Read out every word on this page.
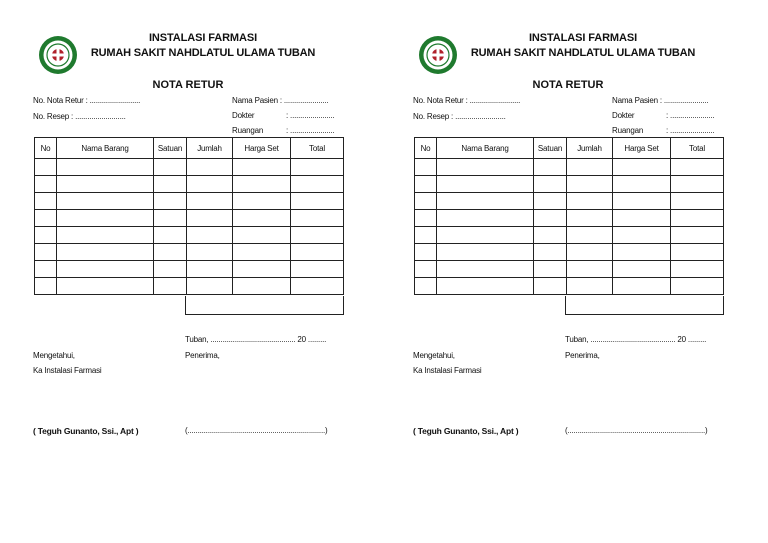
INSTALASI FARMASI
RUMAH SAKIT NAHDLATUL ULAMA TUBAN
NOTA RETUR
No. Nota Retur : .........................
No. Resep : .........................
Nama Pasien : ......................
Dokter	: ......................
Ruangan	: ......................
No	Nama Barang	Satuan	Jumlah	Harga Set	Total

Tuban, .......................................... 20 .........
Mengetahui,	Penerima,
Ka Instalasi Farmasi
( Teguh Gunanto, Ssi., Apt )	(....................................................................)
INSTALASI FARMASI
RUMAH SAKIT NAHDLATUL ULAMA TUBAN
NOTA RETUR
No. Nota Retur : .........................
No. Resep : .........................
Nama Pasien : ......................
Dokter	: ......................
Ruangan	: ......................
No	Nama Barang	Satuan	Jumlah	Harga Set	Total

Tuban, .......................................... 20 .........
Mengetahui,	Penerima,
Ka Instalasi Farmasi
( Teguh Gunanto, Ssi., Apt )	(....................................................................)
